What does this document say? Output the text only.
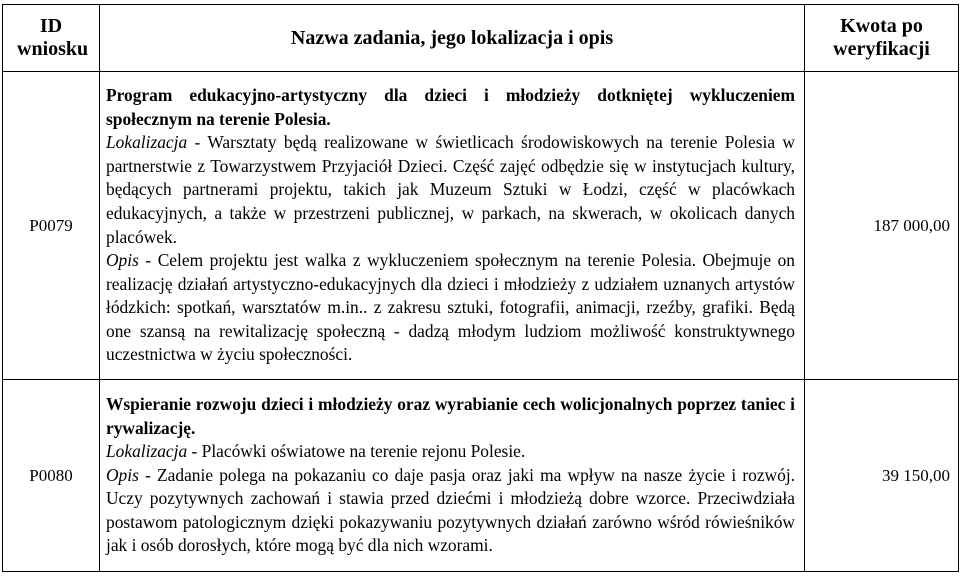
ID wniosku	Nazwa zadania, jego lokalizacja i opis	Kwota po weryfikacji
P0079	Program edukacyjno-artystyczny dla dzieci i młodzieży dotkniętej wykluczeniem społecznym na terenie Polesia.
Lokalizacja - Warsztaty będą realizowane w świetlicach środowiskowych na terenie Polesia w partnerstwie z Towarzystwem Przyjaciół Dzieci. Część zajęć odbędzie się w instytucjach kultury, będących partnerami projektu, takich jak Muzeum Sztuki w Łodzi, część w placówkach edukacyjnych, a także w przestrzeni publicznej, w parkach, na skwerach, w okolicach danych placówek.
Opis - Celem projektu jest walka z wykluczeniem społecznym na terenie Polesia. Obejmuje on realizację działań artystyczno-edukacyjnych dla dzieci i młodzieży z udziałem uznanych artystów łódzkich: spotkań, warsztatów m.in.. z zakresu sztuki, fotografii, animacji, rzeźby, grafiki. Będą one szansą na rewitalizację społeczną - dadzą młodym ludziom możliwość konstruktywnego uczestnictwa w życiu społeczności.	187 000,00
P0080	Wspieranie rozwoju dzieci i młodzieży oraz wyrabianie cech wolicjonalnych poprzez taniec i rywalizację.
Lokalizacja - Placówki oświatowe na terenie rejonu Polesie.
Opis - Zadanie polega na pokazaniu co daje pasja oraz jaki ma wpływ na nasze życie i rozwój. Uczy pozytywnych zachowań i stawia przed dziećmi i młodzieżą dobre wzorce. Przeciwdziała postawom patologicznym dzięki pokazywaniu pozytywnych działań zarówno wśród rówieśników jak i osób dorosłych, które mogą być dla nich wzorami.	39 150,00
